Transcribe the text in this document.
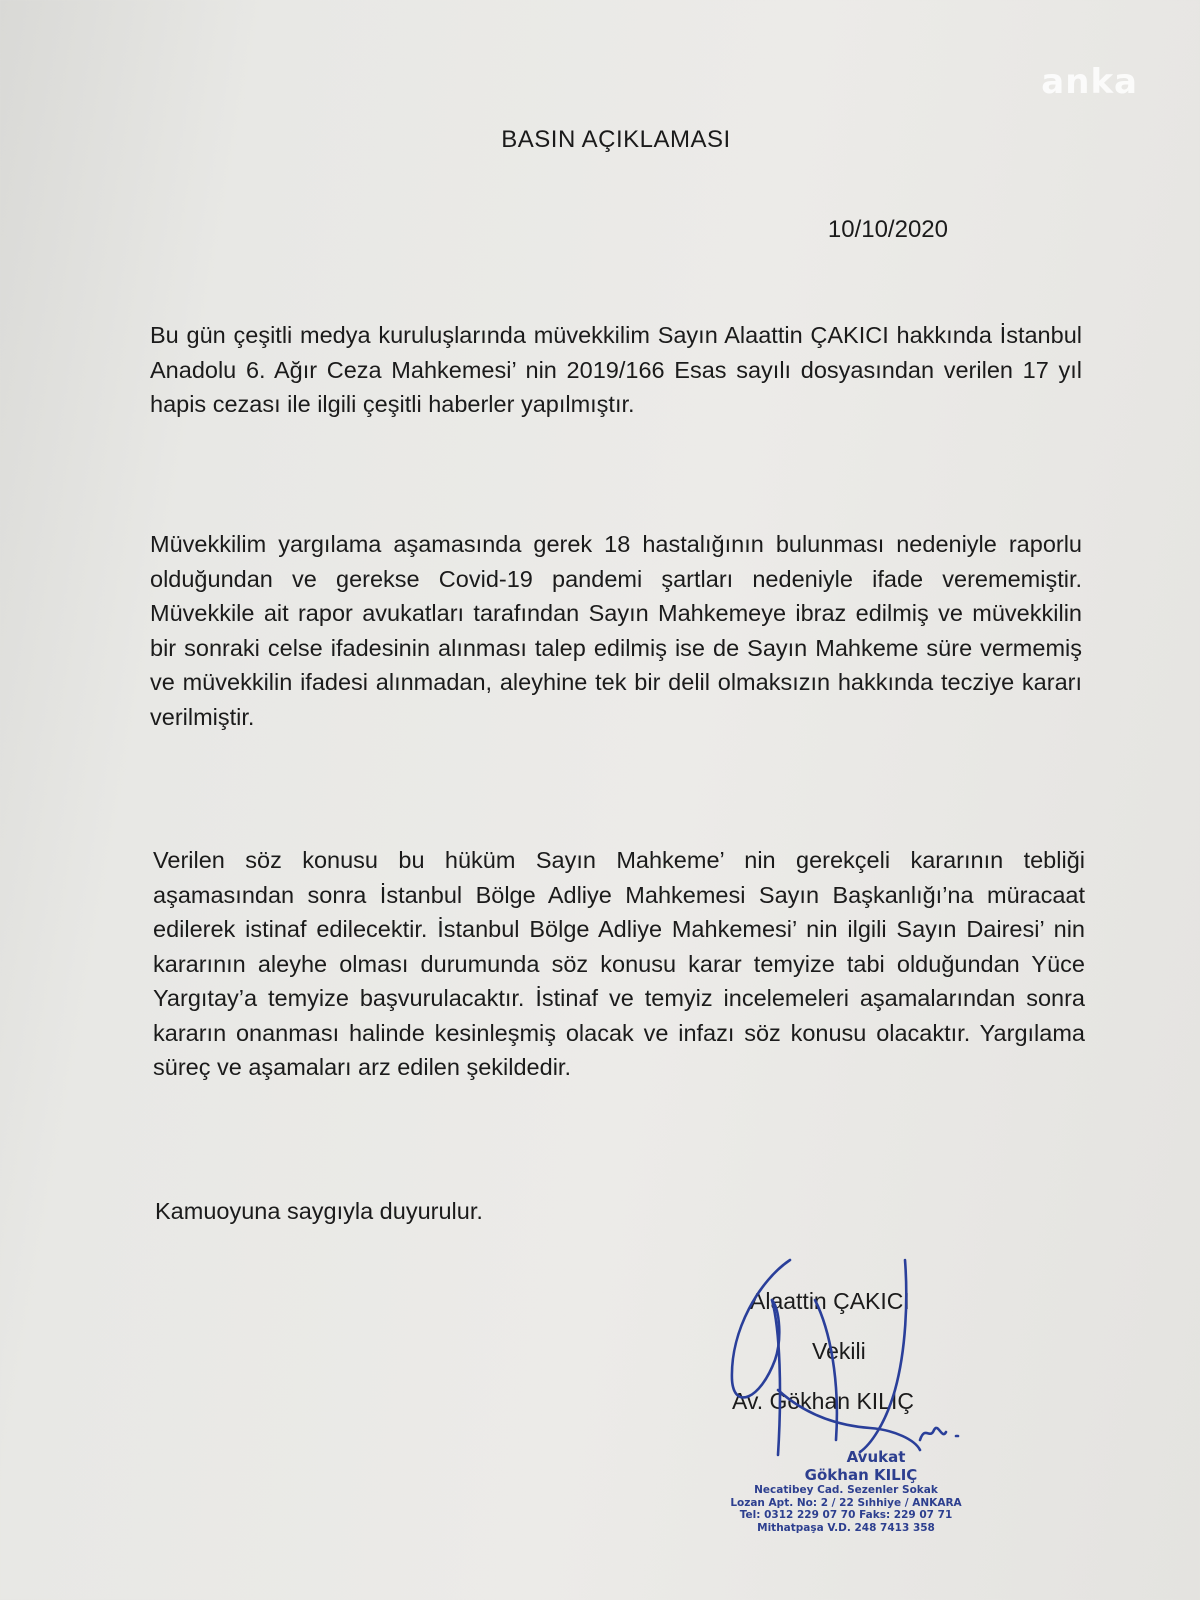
anka
BASIN AÇIKLAMASI
10/10/2020
Bu gün çeşitli medya kuruluşlarında müvekkilim Sayın Alaattin ÇAKICI hakkında İstanbul Anadolu 6. Ağır Ceza Mahkemesi’ nin 2019/166 Esas sayılı dosyasından verilen 17 yıl hapis cezası ile ilgili çeşitli haberler yapılmıştır.
Müvekkilim yargılama aşamasında gerek 18 hastalığının bulunması nedeniyle raporlu olduğundan ve gerekse Covid-19 pandemi şartları nedeniyle ifade verememiştir. Müvekkile ait rapor avukatları tarafından Sayın Mahkemeye ibraz edilmiş ve müvekkilin bir sonraki celse ifadesinin alınması talep edilmiş ise de Sayın Mahkeme süre vermemiş ve müvekkilin ifadesi alınmadan, aleyhine tek bir delil olmaksızın hakkında tecziye kararı verilmiştir.
Verilen söz konusu bu hüküm Sayın Mahkeme’ nin gerekçeli kararının tebliği aşamasından sonra İstanbul Bölge Adliye Mahkemesi Sayın Başkanlığı’na müracaat edilerek istinaf edilecektir. İstanbul Bölge Adliye Mahkemesi’ nin ilgili Sayın Dairesi’ nin kararının aleyhe olması durumunda söz konusu karar temyize tabi olduğundan Yüce Yargıtay’a temyize başvurulacaktır. İstinaf ve temyiz incelemeleri aşamalarından sonra kararın onanması halinde kesinleşmiş olacak ve infazı söz konusu olacaktır. Yargılama süreç ve aşamaları arz edilen şekildedir.
Kamuoyuna saygıyla duyurulur.
Alaattin ÇAKICI
Vekili
Av. Gökhan KILIÇ
Avukat
Gökhan KILIÇ
Necatibey Cad. Sezenler Sokak
Lozan Apt. No: 2 / 22 Sıhhiye / ANKARA
Tel: 0312 229 07 70 Faks: 229 07 71
Mithatpaşa V.D. 248 7413 358
